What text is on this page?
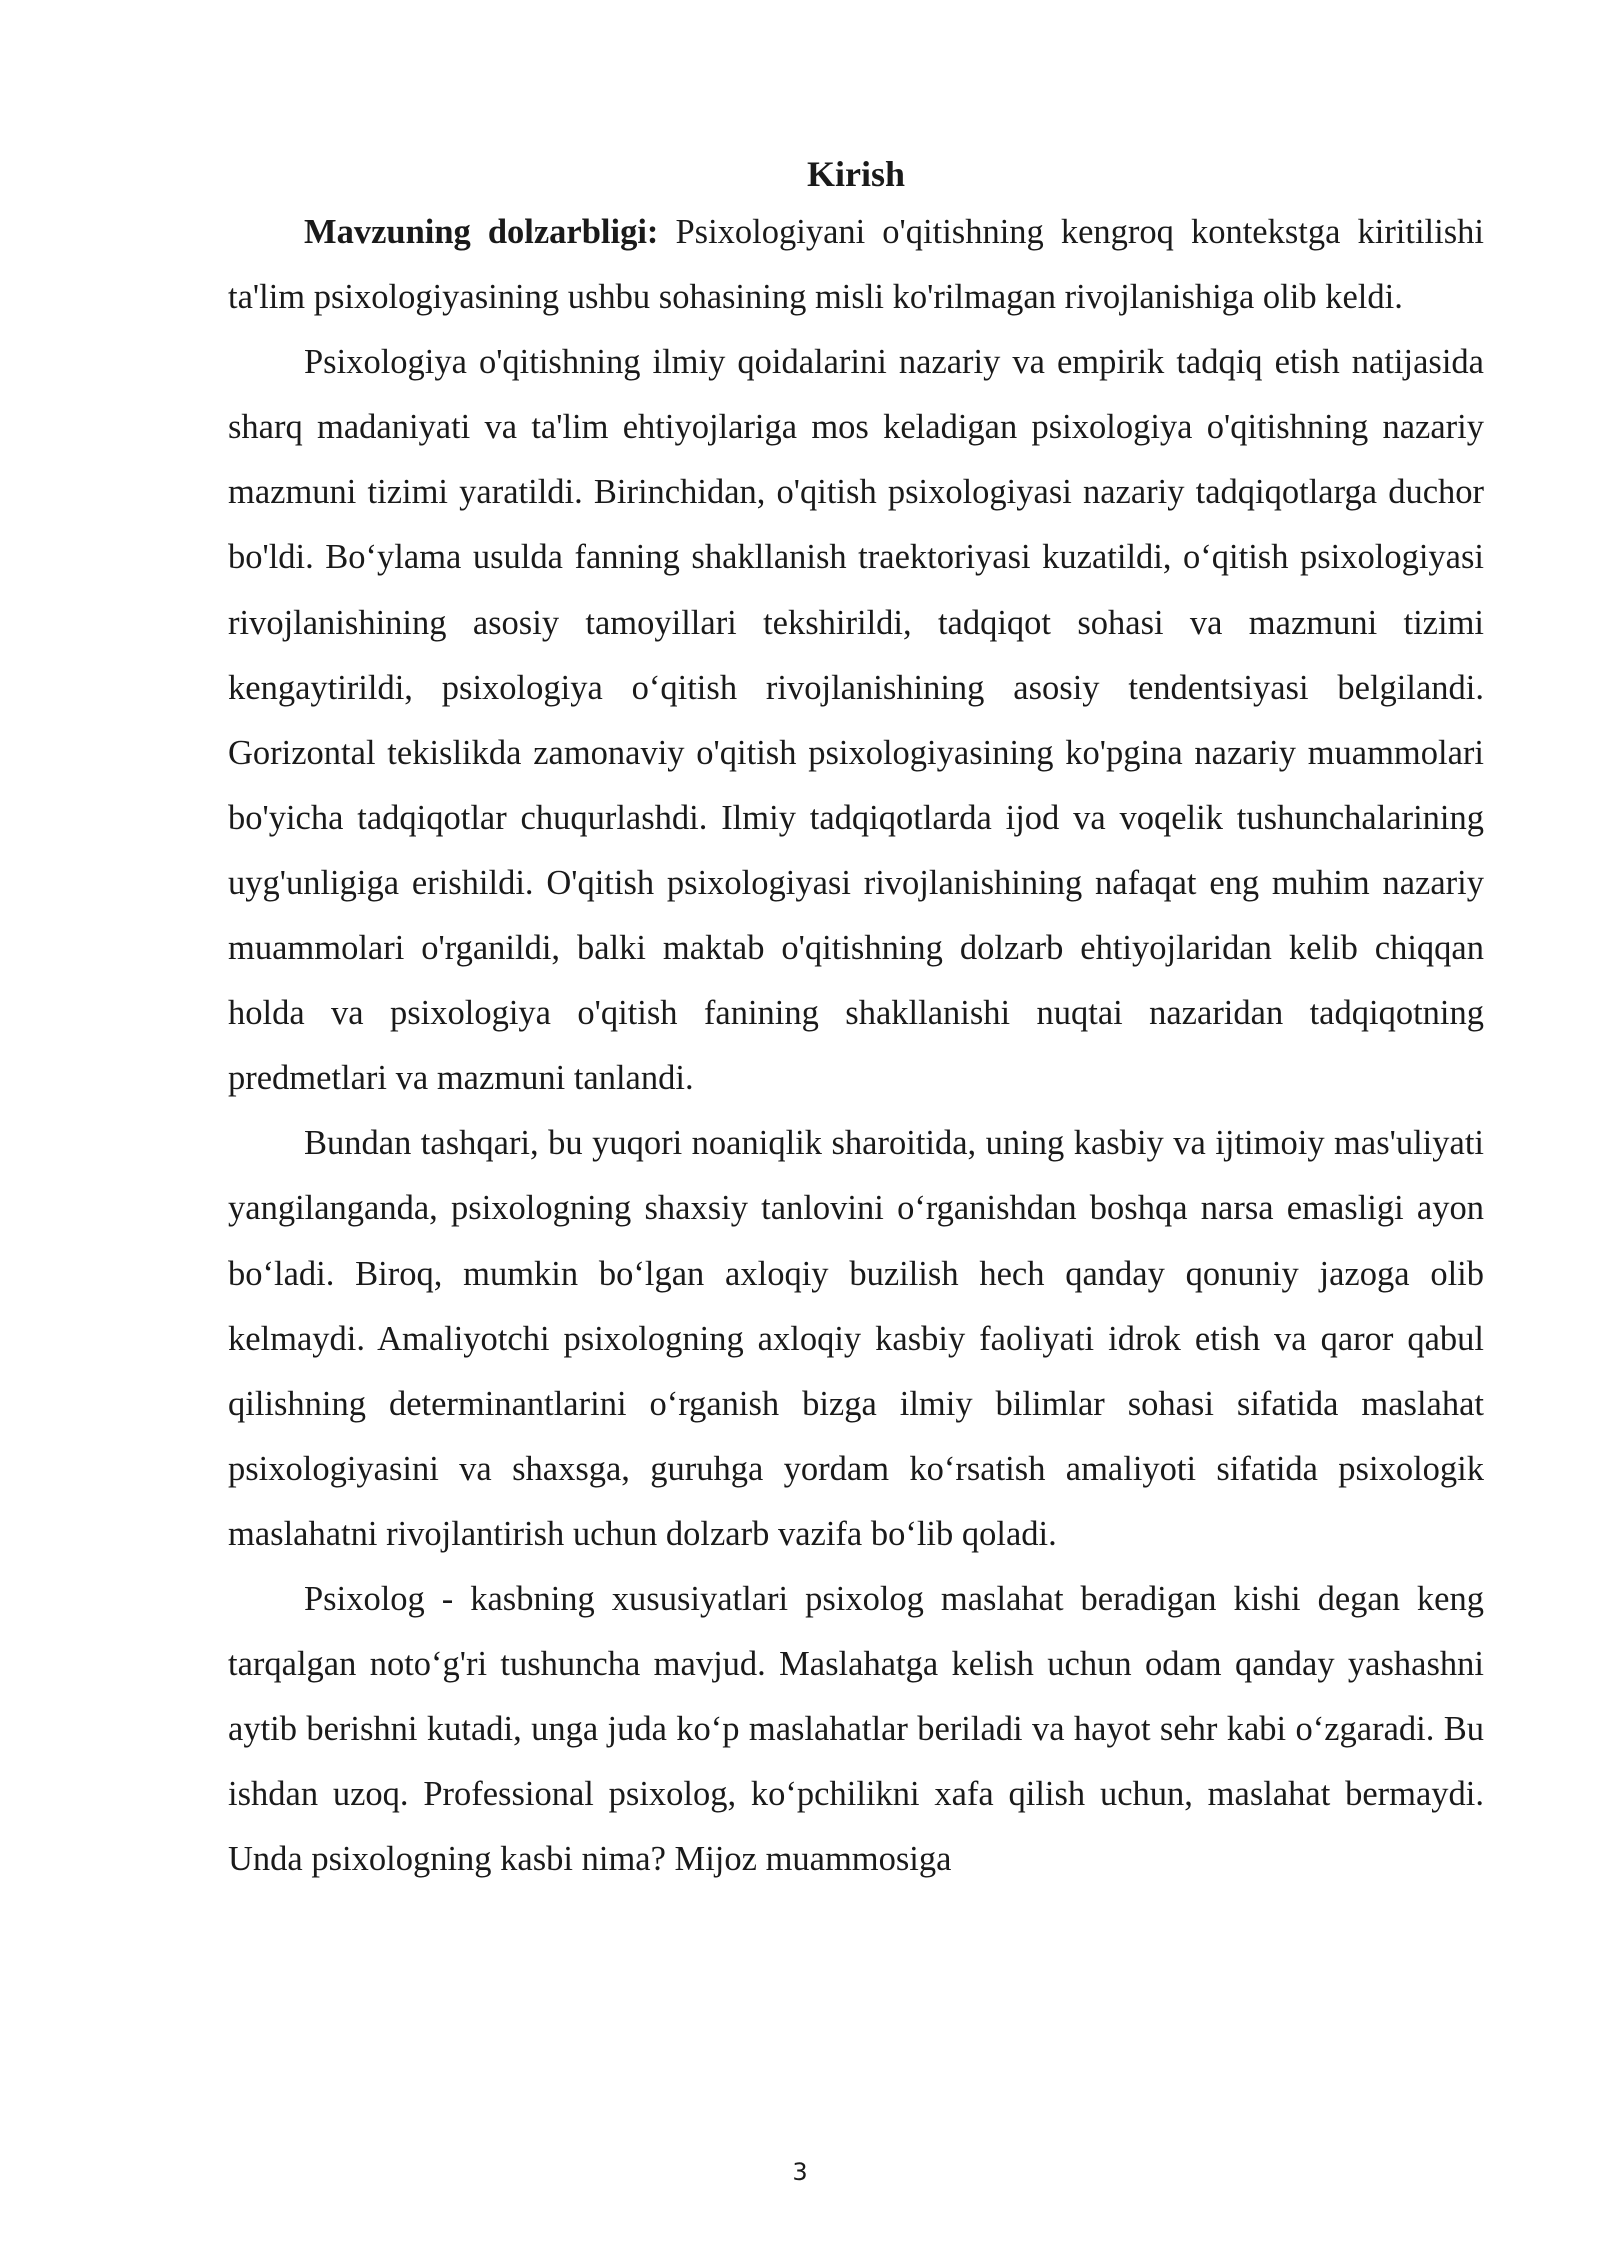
Kirish

Mavzuning dolzarbligi: Psixologiyani o'qitishning kengroq kontekstga kiritilishi ta'lim psixologiyasining ushbu sohasining misli ko'rilmagan rivojlanishiga olib keldi.

Psixologiya o'qitishning ilmiy qoidalarini nazariy va empirik tadqiq etish natijasida sharq madaniyati va ta'lim ehtiyojlariga mos keladigan psixologiya o'qitishning nazariy mazmuni tizimi yaratildi. Birinchidan, o'qitish psixologiyasi nazariy tadqiqotlarga duchor bo'ldi. Bo‘ylama usulda fanning shakllanish traektoriyasi kuzatildi, o‘qitish psixologiyasi rivojlanishining asosiy tamoyillari tekshirildi, tadqiqot sohasi va mazmuni tizimi kengaytirildi, psixologiya o‘qitish rivojlanishining asosiy tendentsiyasi belgilandi. Gorizontal tekislikda zamonaviy o'qitish psixologiyasining ko'pgina nazariy muammolari bo'yicha tadqiqotlar chuqurlashdi. Ilmiy tadqiqotlarda ijod va voqelik tushunchalarining uyg'unligiga erishildi. O'qitish psixologiyasi rivojlanishining nafaqat eng muhim nazariy muammolari o'rganildi, balki maktab o'qitishning dolzarb ehtiyojlaridan kelib chiqqan holda va psixologiya o'qitish fanining shakllanishi nuqtai nazaridan tadqiqotning predmetlari va mazmuni tanlandi.

Bundan tashqari, bu yuqori noaniqlik sharoitida, uning kasbiy va ijtimoiy mas'uliyati yangilanganda, psixologning shaxsiy tanlovini o‘rganishdan boshqa narsa emasligi ayon bo‘ladi. Biroq, mumkin bo‘lgan axloqiy buzilish hech qanday qonuniy jazoga olib kelmaydi. Amaliyotchi psixologning axloqiy kasbiy faoliyati idrok etish va qaror qabul qilishning determinantlarini o‘rganish bizga ilmiy bilimlar sohasi sifatida maslahat psixologiyasini va shaxsga, guruhga yordam ko‘rsatish amaliyoti sifatida psixologik maslahatni rivojlantirish uchun dolzarb vazifa bo‘lib qoladi.

Psixolog - kasbning xususiyatlari psixolog maslahat beradigan kishi degan keng tarqalgan noto‘g'ri tushuncha mavjud. Maslahatga kelish uchun odam qanday yashashni aytib berishni kutadi, unga juda ko‘p maslahatlar beriladi va hayot sehr kabi o‘zgaradi. Bu ishdan uzoq. Professional psixolog, ko‘pchilikni xafa qilish uchun, maslahat bermaydi. Unda psixologning kasbi nima? Mijoz muammosiga

3
